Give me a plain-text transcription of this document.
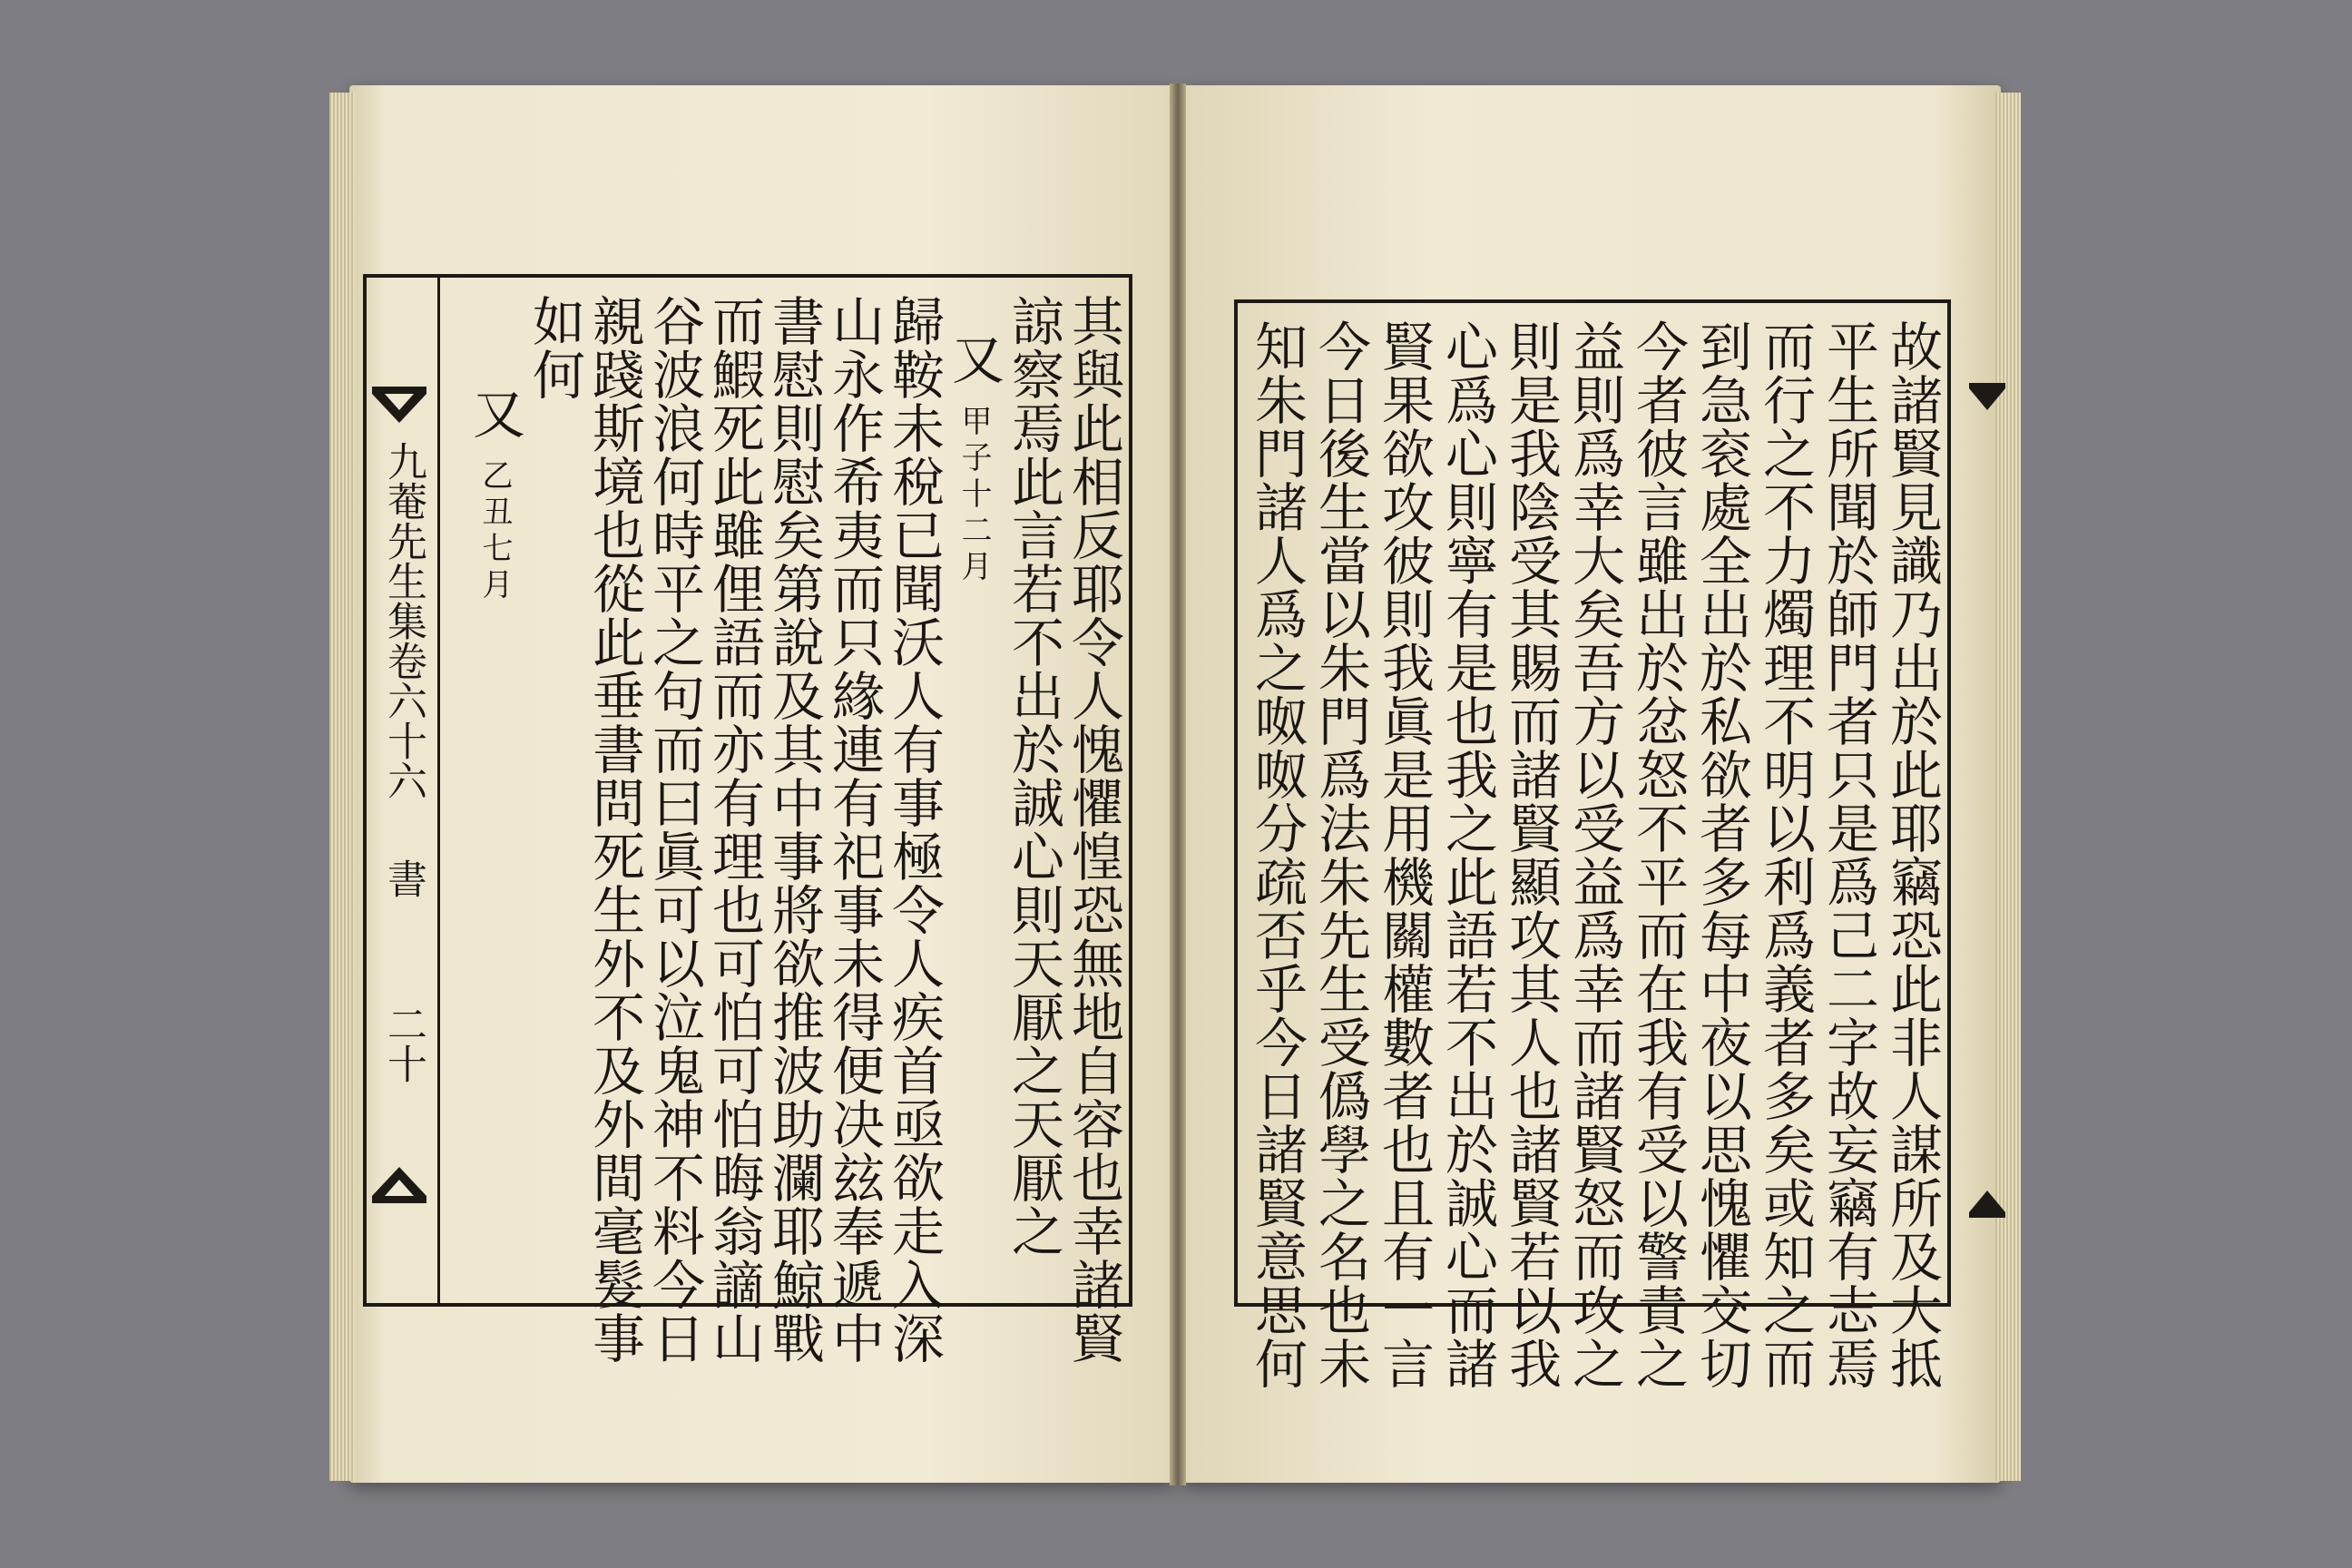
九菴先生集卷六十六
書
二十	其與此相反耶令人愧懼惶恐無地自容也幸諸賢
諒察焉此言若不出於誠心則天厭之天厭之
又
甲子十二月
歸鞍未稅已聞沃人有事極令人疾首亟欲走入深
山永作希夷而只緣連有祀事未得便决玆奉遞中
書慰則慰矣第說及其中事將欲推波助瀾耶鯨戰
而鰕死此雖俚語而亦有理也可怕可怕晦翁謫山
谷波浪何時平之句而曰眞可以泣鬼神不料今日
親踐斯境也從此垂書問死生外不及外間毫髮事
如何
又
乙丑七月	故諸賢見識乃出於此耶竊恐此非人謀所及大抵
平生所聞於師門者只是爲己二字故妄竊有志焉
而行之不力燭理不明以利爲義者多矣或知之而
到急衮處全出於私欲者多每中夜以思愧懼交切
今者彼言雖出於忿怒不平而在我有受以警責之
益則爲幸大矣吾方以受益爲幸而諸賢怒而攻之
則是我陰受其賜而諸賢顯攻其人也諸賢若以我
心爲心則寧有是也我之此語若不出於誠心而諸
賢果欲攻彼則我眞是用機關權數者也且有一言
今日後生當以朱門爲法朱先生受僞學之名也未
知朱門諸人爲之呶呶分疏否乎今日諸賢意思何
